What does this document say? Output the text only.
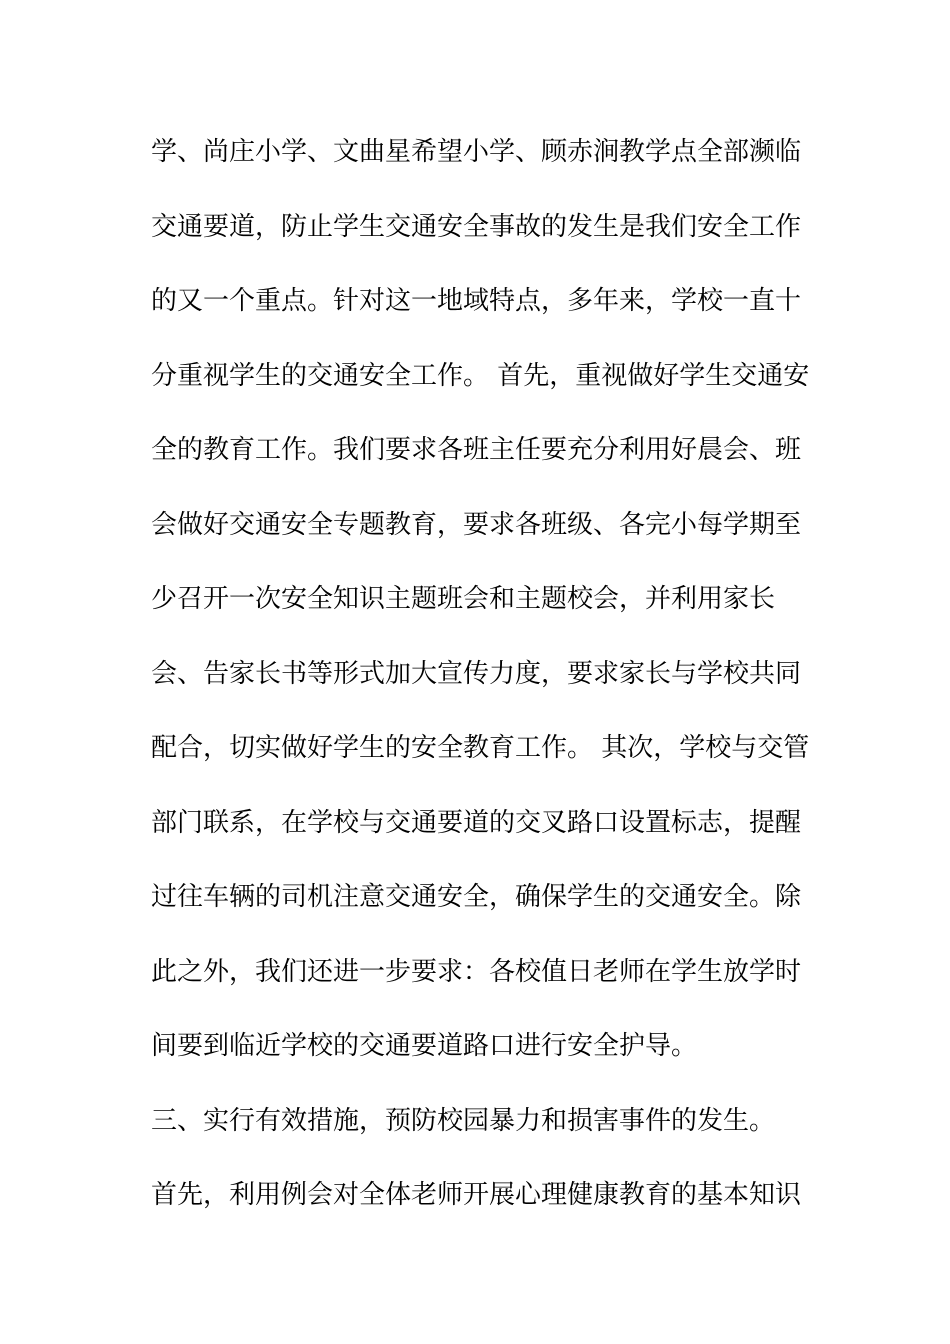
学、尚庄小学、文曲星希望小学、顾赤涧教学点全部濒临
交通要道，防止学生交通安全事故的发生是我们安全工作
的又一个重点。针对这一地域特点，多年来，学校一直十
分重视学生的交通安全工作。 首先，重视做好学生交通安
全的教育工作。我们要求各班主任要充分利用好晨会、班
会做好交通安全专题教育，要求各班级、各完小每学期至
少召开一次安全知识主题班会和主题校会，并利用家长
会、告家长书等形式加大宣传力度，要求家长与学校共同
配合，切实做好学生的安全教育工作。 其次，学校与交管
部门联系，在学校与交通要道的交叉路口设置标志，提醒
过往车辆的司机注意交通安全，确保学生的交通安全。除
此之外，我们还进一步要求：各校值日老师在学生放学时
间要到临近学校的交通要道路口进行安全护导。
三、实行有效措施，预防校园暴力和损害事件的发生。
首先，利用例会对全体老师开展心理健康教育的基本知识
